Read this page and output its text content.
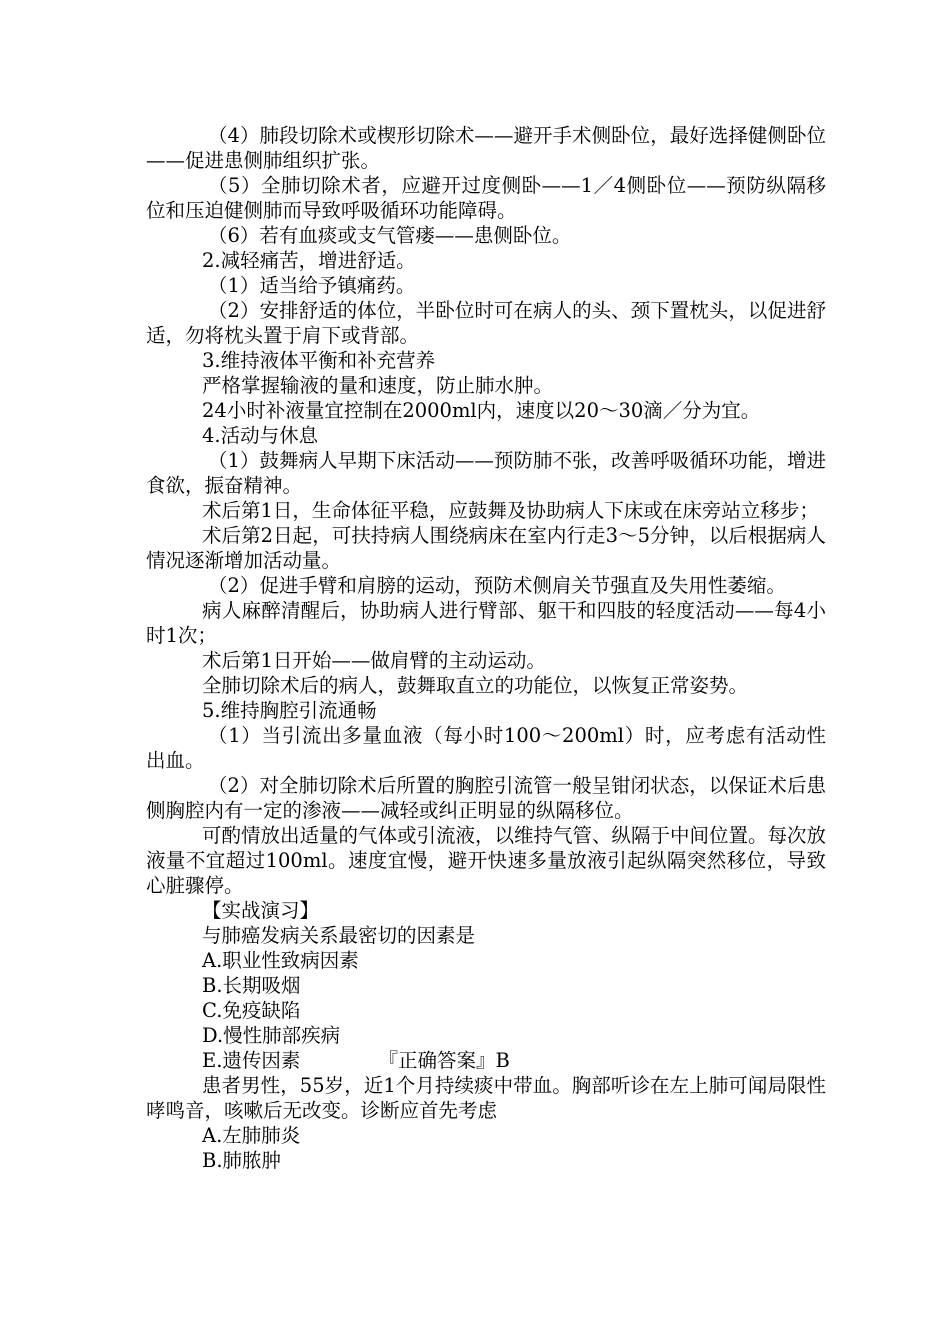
（4）肺段切除术或楔形切除术——避开手术侧卧位，最好选择健侧卧位——促进患侧肺组织扩张。

（5）全肺切除术者，应避开过度侧卧——1／4侧卧位——预防纵隔移位和压迫健侧肺而导致呼吸循环功能障碍。

（6）若有血痰或支气管瘘——患侧卧位。

2.减轻痛苦，增进舒适。

（1）适当给予镇痛药。

（2）安排舒适的体位，半卧位时可在病人的头、颈下置枕头，以促进舒适，勿将枕头置于肩下或背部。

3.维持液体平衡和补充营养

严格掌握输液的量和速度，防止肺水肿。

24小时补液量宜控制在2000ml内，速度以20～30滴／分为宜。

4.活动与休息

（1）鼓舞病人早期下床活动——预防肺不张，改善呼吸循环功能，增进食欲，振奋精神。

术后第1日，生命体征平稳，应鼓舞及协助病人下床或在床旁站立移步；

术后第2日起，可扶持病人围绕病床在室内行走3～5分钟，以后根据病人情况逐渐增加活动量。

（2）促进手臂和肩膀的运动，预防术侧肩关节强直及失用性萎缩。

病人麻醉清醒后，协助病人进行臂部、躯干和四肢的轻度活动——每4小时1次；

术后第1日开始——做肩臂的主动运动。

全肺切除术后的病人，鼓舞取直立的功能位，以恢复正常姿势。

5.维持胸腔引流通畅

（1）当引流出多量血液（每小时100～200ml）时，应考虑有活动性出血。

（2）对全肺切除术后所置的胸腔引流管一般呈钳闭状态，以保证术后患侧胸腔内有一定的渗液——减轻或纠正明显的纵隔移位。

可酌情放出适量的气体或引流液，以维持气管、纵隔于中间位置。每次放液量不宜超过100ml。速度宜慢，避开快速多量放液引起纵隔突然移位，导致心脏骤停。

【实战演习】

与肺癌发病关系最密切的因素是

A.职业性致病因素

B.长期吸烟

C.免疫缺陷

D.慢性肺部疾病

E.遗传因素	『正确答案』B

患者男性，55岁，近1个月持续痰中带血。胸部听诊在左上肺可闻局限性哮鸣音，咳嗽后无改变。诊断应首先考虑

A.左肺肺炎

B.肺脓肿
